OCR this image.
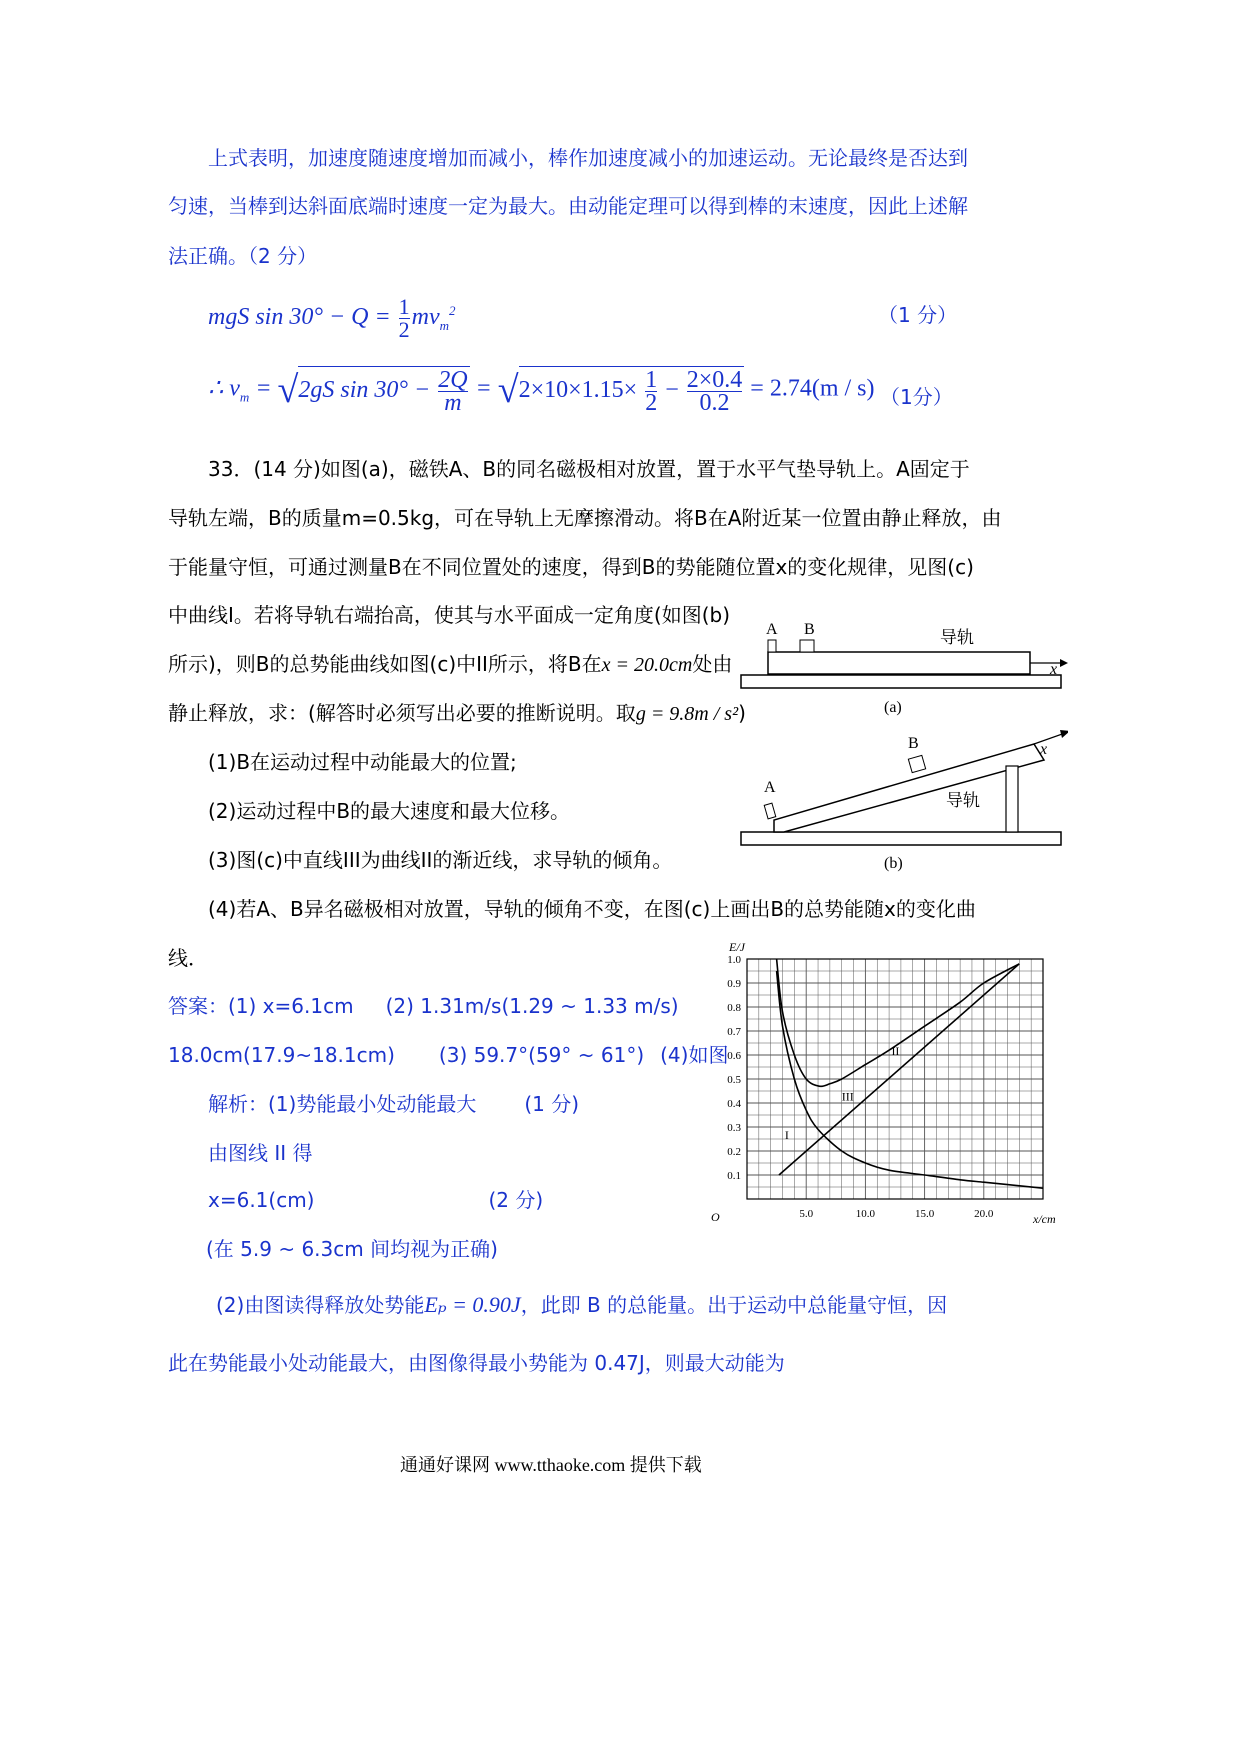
上式表明，加速度随速度增加而减小，棒作加速度减小的加速运动。无论最终是否达到
匀速，当棒到达斜面底端时速度一定为最大。由动能定理可以得到棒的末速度，因此上述解
法正确。（2 分）
mgS $\sin 30^\circ - Q = \frac{1}{2} mv_m^2$	（1 分）
∴ $v_m = √2gS$ $\sin 30^\circ - \frac{2Q}{m} = √2\times 10\times 1.15\times \frac{1}{2} - \frac{2\times 0.4}{0.2} = 2.74(m / s)$ （1分）
33．(14 分)如图(a)，磁铁A、B的同名磁极相对放置，置于水平气垫导轨上。A固定于
导轨左端，B的质量m=0.5kg，可在导轨上无摩擦滑动。将B在A附近某一位置由静止释放，由
于能量守恒，可通过测量B在不同位置处的速度，得到B的势能随位置x的变化规律，见图(c)
中曲线I。若将导轨右端抬高，使其与水平面成一定角度(如图(b)
所示)，则B的总势能曲线如图(c)中II所示，将B在x = 20.0cm处由
静止释放，求：(解答时必须写出必要的推断说明。取g = 9.8m / s²)
(1)B在运动过程中动能最大的位置;
(2)运动过程中B的最大速度和最大位移。
(3)图(c)中直线III为曲线II的渐近线，求导轨的倾角。
(4)若A、B异名磁极相对放置，导轨的倾角不变，在图(c)上画出B的总势能随x的变化曲
线．
答案：(1) x=6.1cm (2) 1.31m/s(1.29 ~ 1.33 m/s)
18.0cm(17.9~18.1cm) (3) 59.7°(59° ~ 61°) (4)如图
解析：(1)势能最小处动能最大 (1 分)
由图线 II 得
x=6.1(cm)	(2 分)
(在 5.9 ~ 6.3cm 间均视为正确)
(2)由图读得释放处势能Eₚ = 0.90J，此即 B 的总能量。出于运动中总能量守恒，因
此在势能最小处动能最大，由图像得最小势能为 0.47J，则最大动能为
通通好课网 www.tthaoke.com 提供下载
A B	导轨
x
(a)
A
B
导轨
x
(b)
0.1
0.2
0.3
0.4
0.5
0.6
0.7
0.8
0.9
1.0
5.0	10.0	15.0	20.0
I
II
III
E/J
x/cm
O
